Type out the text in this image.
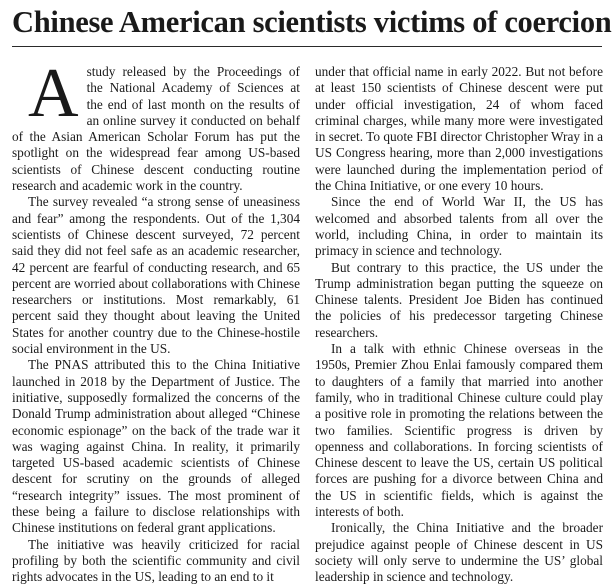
Chinese American scientists victims of coercion

Astudy released by the Proceedings of the National Academy of Sciences at the end of last month on the results of an online survey it conducted on behalf of the Asian American Scholar Forum has put the spotlight on the widespread fear among US-based scientists of Chinese descent conducting routine research and academic work in the country.

The survey revealed “a strong sense of uneasiness and fear” among the respondents. Out of the 1,304 scientists of Chinese descent surveyed, 72 percent said they did not feel safe as an academic researcher, 42 percent are fearful of conducting research, and 65 percent are worried about collaborations with Chinese researchers or institutions. Most remarkably, 61 percent said they thought about leaving the United States for another country due to the Chinese-hostile social environment in the US.

The PNAS attributed this to the China Initiative launched in 2018 by the Department of Justice. The initiative, supposedly formalized the concerns of the Donald Trump administration about alleged “Chinese economic espionage” on the back of the trade war it was waging against China. In reality, it primarily targeted US-based academic scientists of Chinese descent for scrutiny on the grounds of alleged “research integrity” issues. The most prominent of these being a failure to disclose relationships with Chinese institutions on federal grant applications.

The initiative was heavily criticized for racial profiling by both the scientific community and civil rights advocates in the US, leading to an end to it

under that official name in early 2022. But not before at least 150 scientists of Chinese descent were put under official investigation, 24 of whom faced criminal charges, while many more were investigated in secret. To quote FBI director Christopher Wray in a US Congress hearing, more than 2,000 investigations were launched during the implementation period of the China Initiative, or one every 10 hours.

Since the end of World War II, the US has welcomed and absorbed talents from all over the world, including China, in order to maintain its primacy in science and technology.

But contrary to this practice, the US under the Trump administration began putting the squeeze on Chinese talents. President Joe Biden has continued the policies of his predecessor targeting Chinese researchers.

In a talk with ethnic Chinese overseas in the 1950s, Premier Zhou Enlai famously compared them to daughters of a family that married into another family, who in traditional Chinese culture could play a positive role in promoting the relations between the two families. Scientific progress is driven by openness and collaborations. In forcing scientists of Chinese descent to leave the US, certain US political forces are pushing for a divorce between China and the US in scientific fields, which is against the interests of both.

Ironically, the China Initiative and the broader prejudice against people of Chinese descent in US society will only serve to undermine the US’ global leadership in science and technology.
